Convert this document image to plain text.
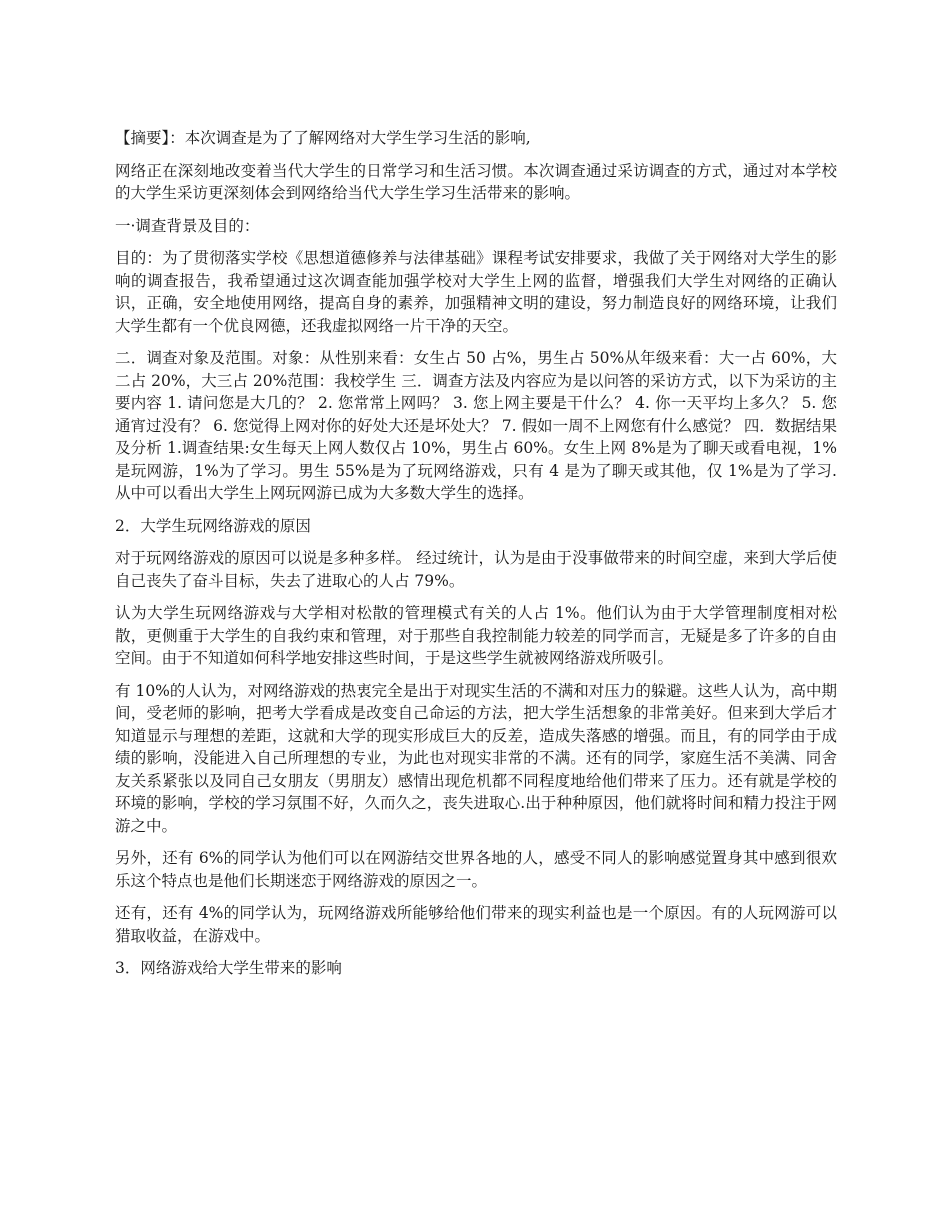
【摘要】：本次调查是为了了解网络对大学生学习生活的影响,

网络正在深刻地改变着当代大学生的日常学习和生活习惯。本次调查通过采访调查的方式，通过对本学校的大学生采访更深刻体会到网络给当代大学生学习生活带来的影响。

一·调查背景及目的：

目的：为了贯彻落实学校《思想道德修养与法律基础》课程考试安排要求，我做了关于网络对大学生的影响的调查报告，我希望通过这次调查能加强学校对大学生上网的监督，增强我们大学生对网络的正确认识，正确，安全地使用网络，提高自身的素养，加强精神文明的建设，努力制造良好的网络环境，让我们大学生都有一个优良网德，还我虚拟网络一片干净的天空。

二．调查对象及范围。对象：从性别来看：女生占 50 占%，男生占 50%从年级来看：大一占 60%，大二占 20%，大三占 20%范围：我校学生 三．调查方法及内容应为是以问答的采访方式，以下为采访的主要内容 1. 请问您是大几的？ 2. 您常常上网吗？ 3. 您上网主要是干什么？ 4. 你一天平均上多久？ 5. 您通宵过没有？ 6. 您觉得上网对你的好处大还是坏处大？ 7. 假如一周不上网您有什么感觉？ 四．数据结果及分析 1.调查结果:女生每天上网人数仅占 10%，男生占 60%。女生上网 8%是为了聊天或看电视，1%是玩网游，1%为了学习。男生 55%是为了玩网络游戏，只有 4 是为了聊天或其他，仅 1%是为了学习.从中可以看出大学生上网玩网游已成为大多数大学生的选择。

2．大学生玩网络游戏的原因

对于玩网络游戏的原因可以说是多种多样。 经过统计，认为是由于没事做带来的时间空虚，来到大学后使自己丧失了奋斗目标，失去了进取心的人占 79%。

认为大学生玩网络游戏与大学相对松散的管理模式有关的人占 1%。他们认为由于大学管理制度相对松散，更侧重于大学生的自我约束和管理，对于那些自我控制能力较差的同学而言，无疑是多了许多的自由空间。由于不知道如何科学地安排这些时间，于是这些学生就被网络游戏所吸引。

有 10%的人认为，对网络游戏的热衷完全是出于对现实生活的不满和对压力的躲避。这些人认为，高中期间，受老师的影响，把考大学看成是改变自己命运的方法，把大学生活想象的非常美好。但来到大学后才知道显示与理想的差距，这就和大学的现实形成巨大的反差，造成失落感的增强。而且，有的同学由于成绩的影响，没能进入自己所理想的专业，为此也对现实非常的不满。还有的同学，家庭生活不美满、同舍友关系紧张以及同自己女朋友（男朋友）感情出现危机都不同程度地给他们带来了压力。还有就是学校的环境的影响，学校的学习氛围不好，久而久之，丧失进取心.出于种种原因，他们就将时间和精力投注于网游之中。

另外，还有 6%的同学认为他们可以在网游结交世界各地的人，感受不同人的影响感觉置身其中感到很欢乐这个特点也是他们长期迷恋于网络游戏的原因之一。

还有，还有 4%的同学认为，玩网络游戏所能够给他们带来的现实利益也是一个原因。有的人玩网游可以猎取收益，在游戏中。

3．网络游戏给大学生带来的影响
